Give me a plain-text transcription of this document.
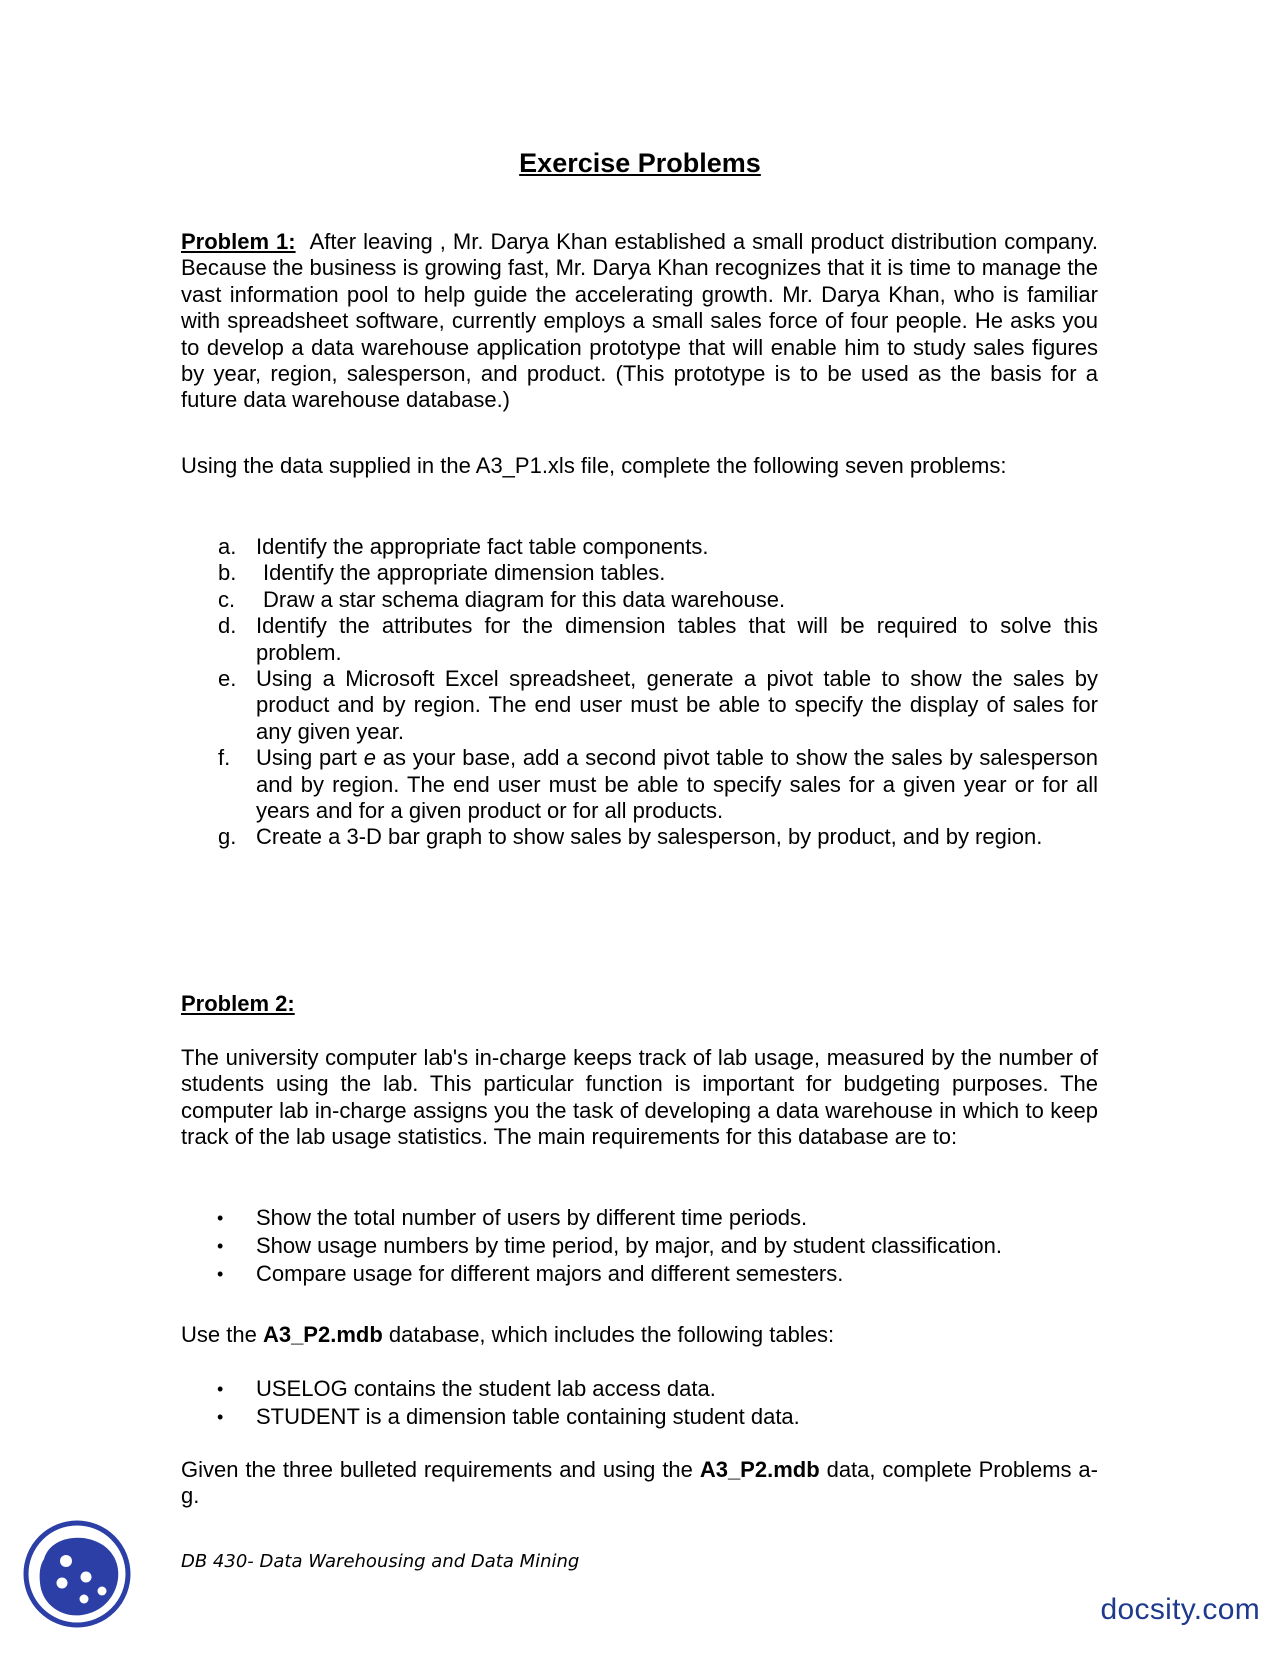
Exercise Problems
Problem 1: After leaving , Mr. Darya Khan established a small product distribution company. Because the business is growing fast, Mr. Darya Khan recognizes that it is time to manage the vast information pool to help guide the accelerating growth. Mr. Darya Khan, who is familiar with spreadsheet software, currently employs a small sales force of four people. He asks you to develop a data warehouse application prototype that will enable him to study sales figures by year, region, salesperson, and product. (This prototype is to be used as the basis for a future data warehouse database.)
Using the data supplied in the A3_P1.xls file, complete the following seven problems:
a. Identify the appropriate fact table components.
b. Identify the appropriate dimension tables.
c. Draw a star schema diagram for this data warehouse.
d. Identify the attributes for the dimension tables that will be required to solve this problem.
e. Using a Microsoft Excel spreadsheet, generate a pivot table to show the sales by product and by region. The end user must be able to specify the display of sales for any given year.
f. Using part e as your base, add a second pivot table to show the sales by salesperson and by region. The end user must be able to specify sales for a given year or for all years and for a given product or for all products.
g. Create a 3-D bar graph to show sales by salesperson, by product, and by region.
Problem 2:
The university computer lab's in-charge keeps track of lab usage, measured by the number of students using the lab. This particular function is important for budgeting purposes. The computer lab in-charge assigns you the task of developing a data warehouse in which to keep track of the lab usage statistics. The main requirements for this database are to:
• Show the total number of users by different time periods.
• Show usage numbers by time period, by major, and by student classification.
• Compare usage for different majors and different semesters.
Use the A3_P2.mdb database, which includes the following tables:
• USELOG contains the student lab access data.
• STUDENT is a dimension table containing student data.
Given the three bulleted requirements and using the A3_P2.mdb data, complete Problems a-g.
DB 430- Data Warehousing and Data Mining
docsity.com
